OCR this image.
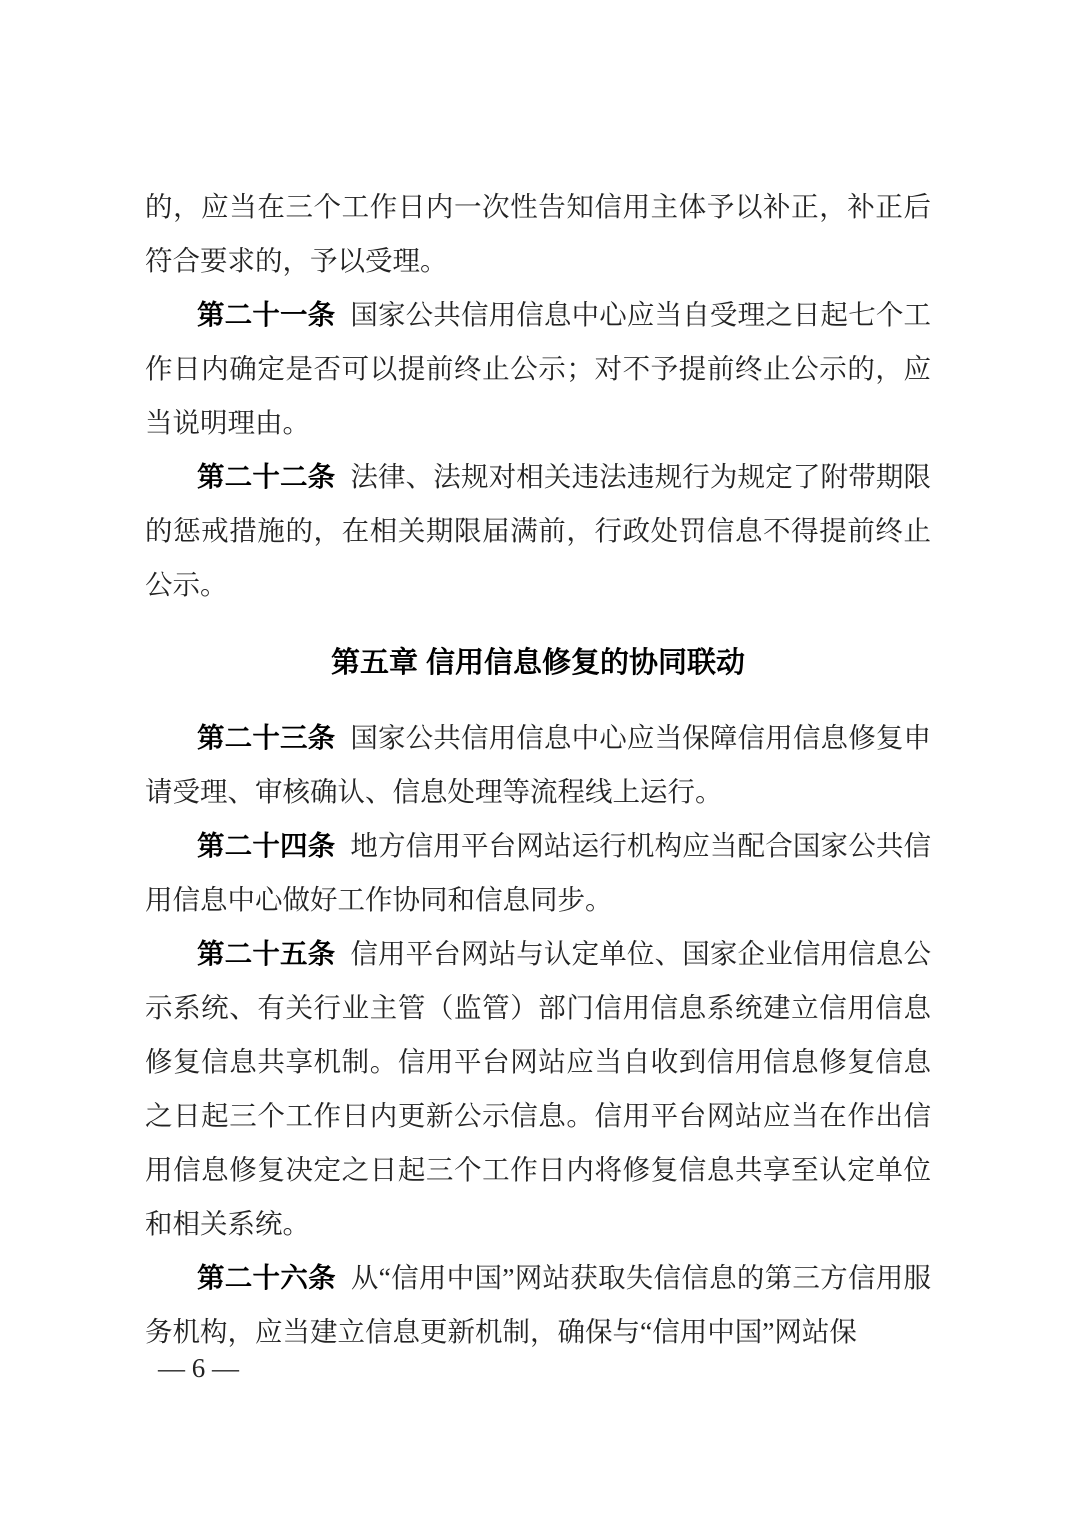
的，应当在三个工作日内一次性告知信用主体予以补正，补正后符合要求的，予以受理。

第二十一条 国家公共信用信息中心应当自受理之日起七个工作日内确定是否可以提前终止公示；对不予提前终止公示的，应当说明理由。

第二十二条 法律、法规对相关违法违规行为规定了附带期限的惩戒措施的，在相关期限届满前，行政处罚信息不得提前终止公示。

第五章 信用信息修复的协同联动

第二十三条 国家公共信用信息中心应当保障信用信息修复申请受理、审核确认、信息处理等流程线上运行。

第二十四条 地方信用平台网站运行机构应当配合国家公共信用信息中心做好工作协同和信息同步。

第二十五条 信用平台网站与认定单位、国家企业信用信息公示系统、有关行业主管（监管）部门信用信息系统建立信用信息修复信息共享机制。信用平台网站应当自收到信用信息修复信息之日起三个工作日内更新公示信息。信用平台网站应当在作出信用信息修复决定之日起三个工作日内将修复信息共享至认定单位和相关系统。

第二十六条 从“信用中国”网站获取失信信息的第三方信用服务机构，应当建立信息更新机制，确保与“信用中国”网站保

— 6 —
